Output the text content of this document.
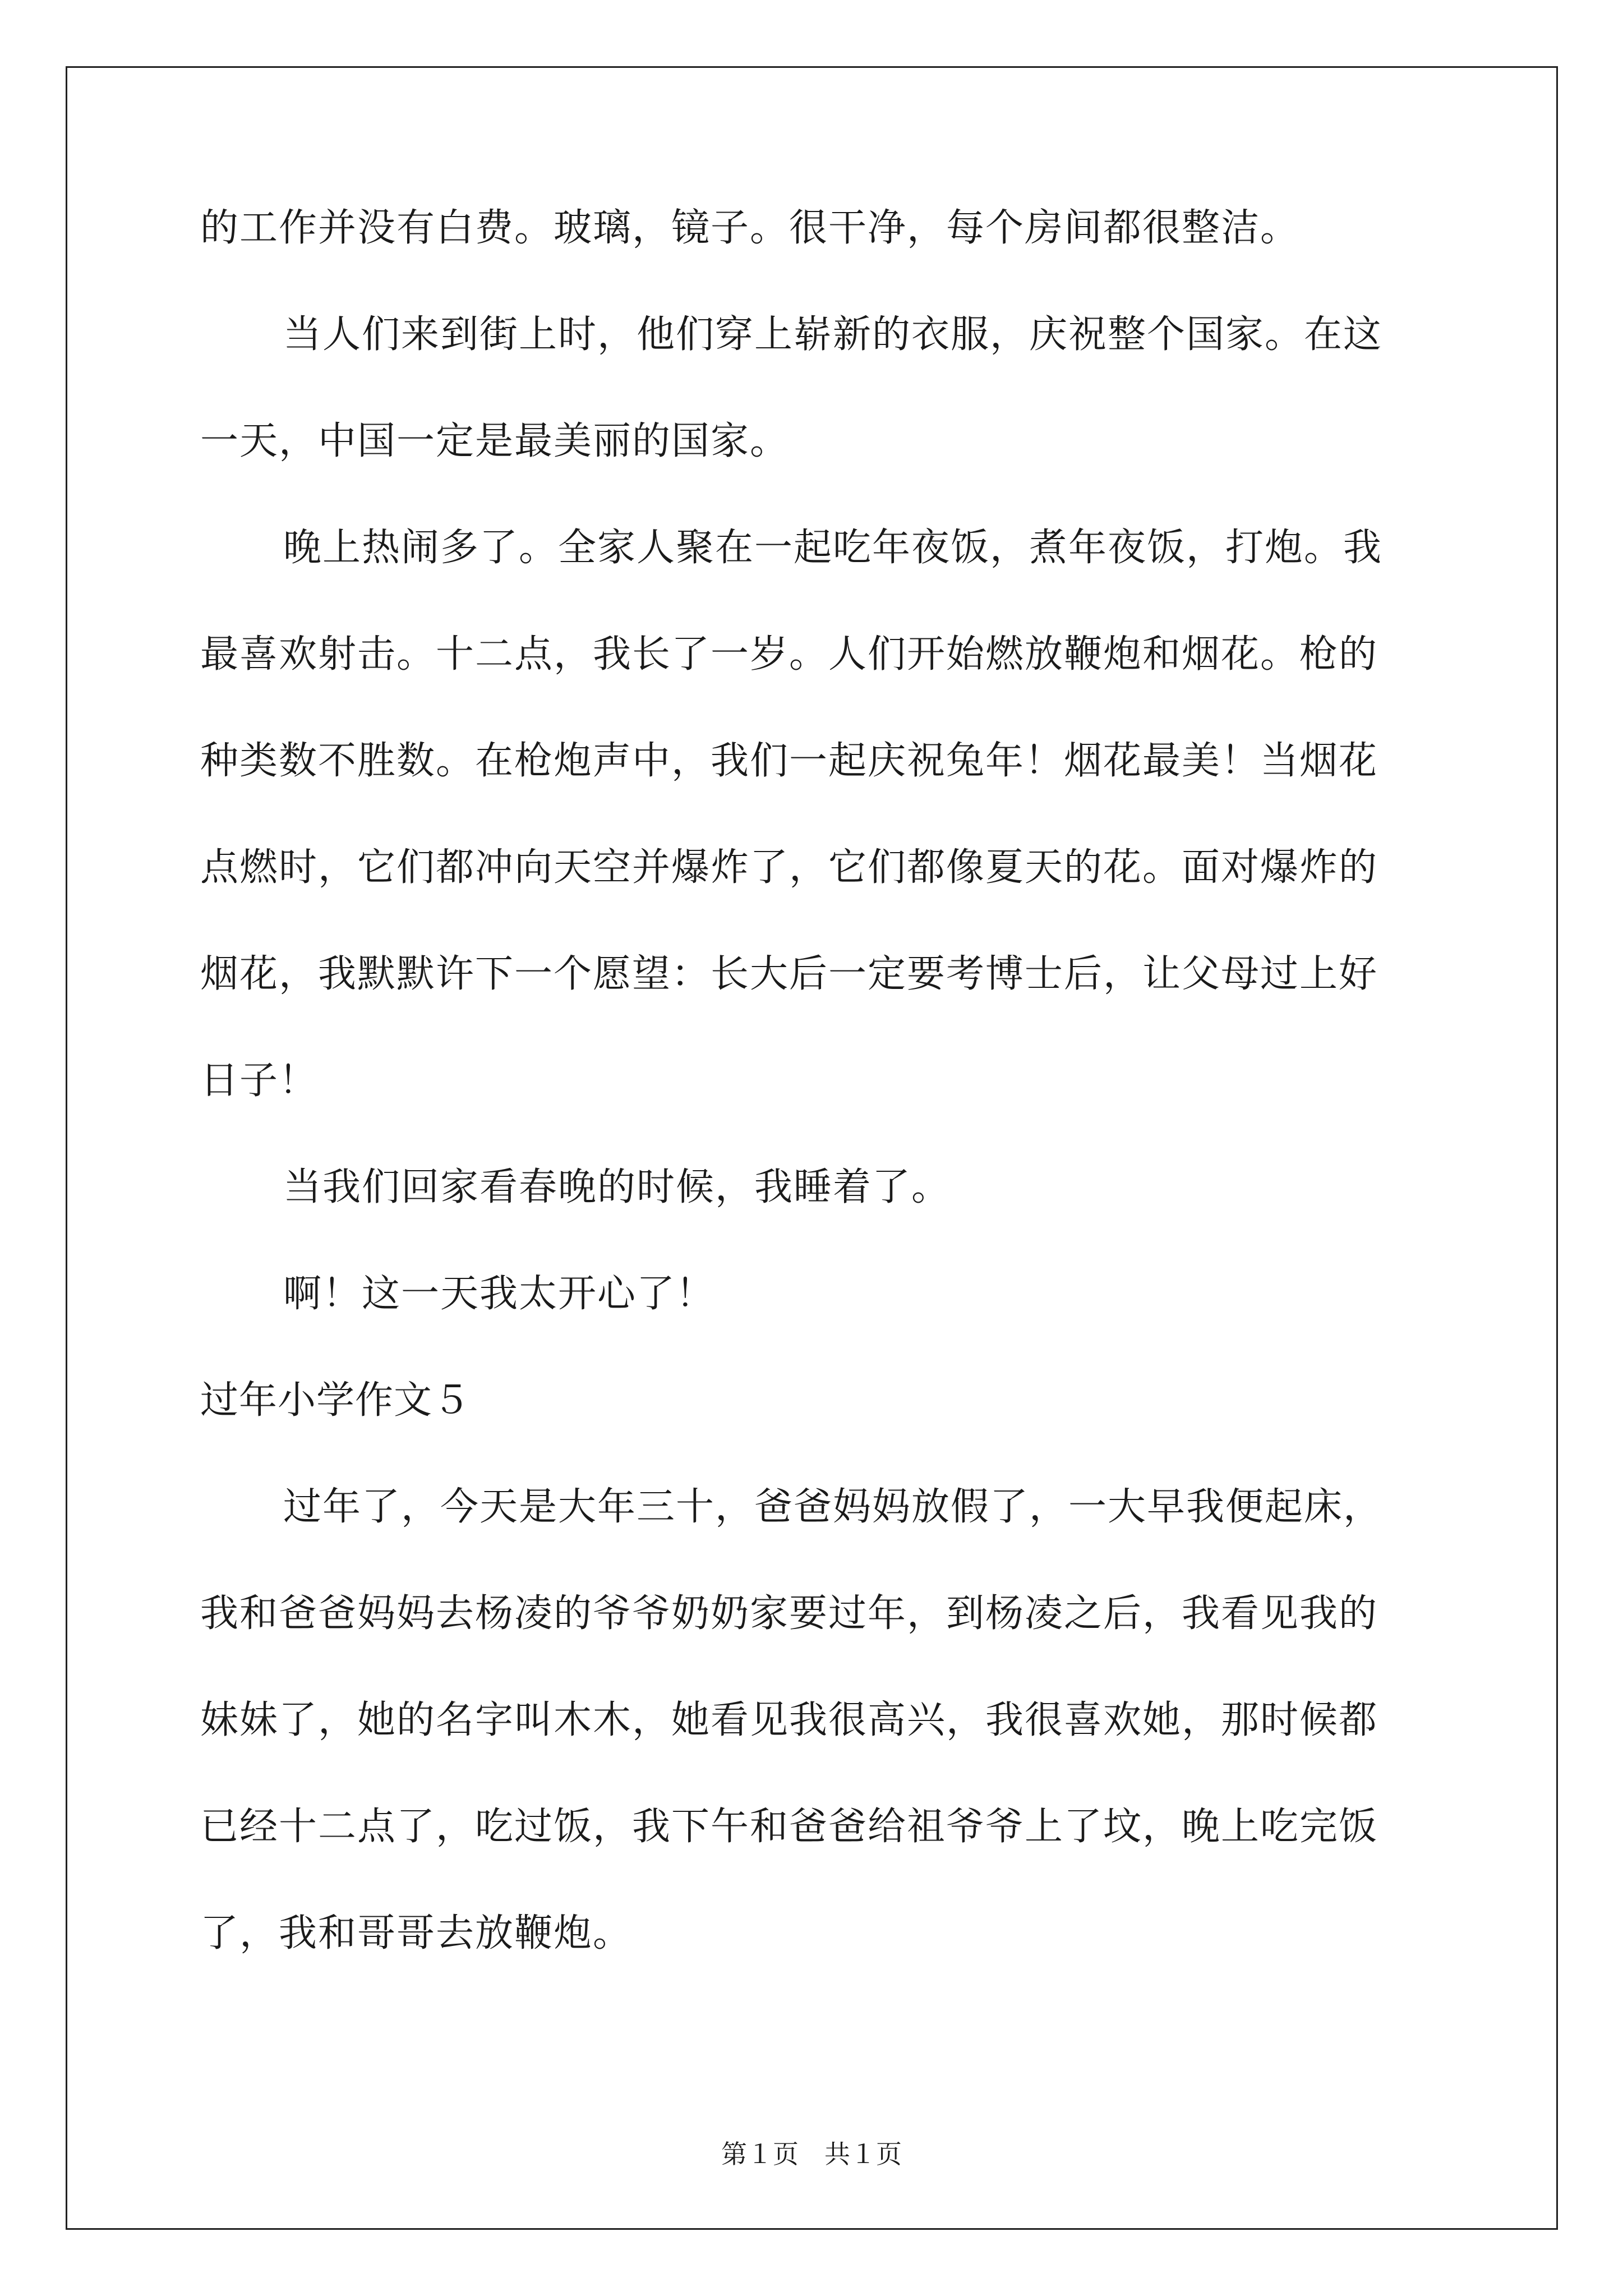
的工作并没有白费。玻璃，镜子。很干净，每个房间都很整洁。
当人们来到街上时，他们穿上崭新的衣服，庆祝整个国家。在这
一天，中国一定是最美丽的国家。
晚上热闹多了。全家人聚在一起吃年夜饭，煮年夜饭，打炮。我
最喜欢射击。十二点，我长了一岁。人们开始燃放鞭炮和烟花。枪的
种类数不胜数。在枪炮声中，我们一起庆祝兔年！烟花最美！当烟花
点燃时，它们都冲向天空并爆炸了，它们都像夏天的花。面对爆炸的
烟花，我默默许下一个愿望：长大后一定要考博士后，让父母过上好
日子！
当我们回家看春晚的时候，我睡着了。
啊！这一天我太开心了！
过年小学作文５
过年了，今天是大年三十，爸爸妈妈放假了，一大早我便起床，
我和爸爸妈妈去杨凌的爷爷奶奶家要过年，到杨凌之后，我看见我的
妹妹了，她的名字叫木木，她看见我很高兴，我很喜欢她，那时候都
已经十二点了，吃过饭，我下午和爸爸给祖爷爷上了坟，晚上吃完饭
了，我和哥哥去放鞭炮。
第１页　共１页
